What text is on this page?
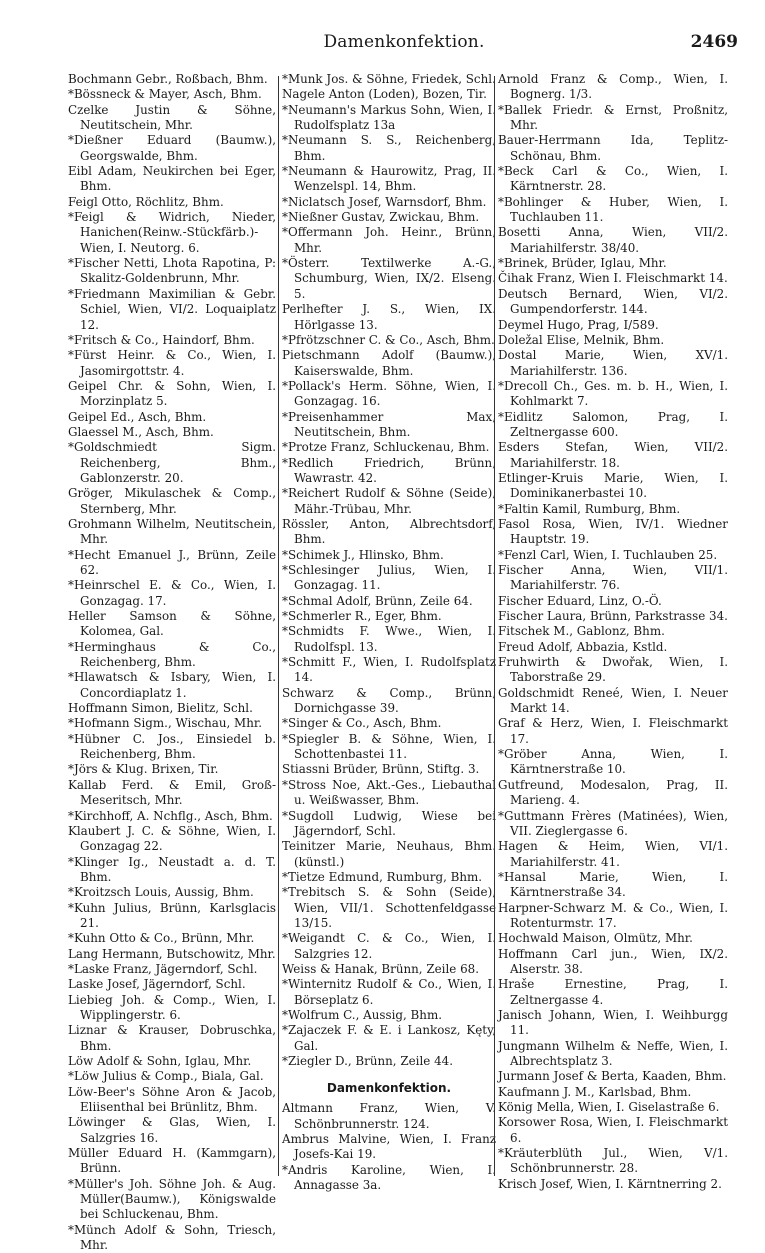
Damenkonfektion.	2469

Bochmann Gebr., Roßbach, Bhm.

*Bössneck & Mayer, Asch, Bhm.

Czelke Justin & Söhne, Neutitschein, Mhr.

*Dießner Eduard (Baumw.), Georgswalde, Bhm.

Eibl Adam, Neukirchen bei Eger, Bhm.

Feigl Otto, Röchlitz, Bhm.

*Feigl & Widrich, Nieder, Hanichen(Reinw.-Stückfärb.)-Wien, I. Neutorg. 6.

*Fischer Netti, Lhota Rapotina, P: Skalitz-Goldenbrunn, Mhr.

*Friedmann Maximilian & Gebr. Schiel, Wien, VI/2. Loquaiplatz 12.

*Fritsch & Co., Haindorf, Bhm.

*Fürst Heinr. & Co., Wien, I. Jasomirgottstr. 4.

Geipel Chr. & Sohn, Wien, I. Morzinplatz 5.

Geipel Ed., Asch, Bhm.

Glaessel M., Asch, Bhm.

*Goldschmiedt Sigm. Reichenberg, Bhm., Gablonzerstr. 20.

Gröger, Mikulaschek & Comp., Sternberg, Mhr.

Grohmann Wilhelm, Neutitschein, Mhr.

*Hecht Emanuel J., Brünn, Zeile 62.

*Heinrschel E. & Co., Wien, I. Gonzagag. 17.

Heller Samson & Söhne, Kolomea, Gal.

*Herminghaus & Co., Reichenberg, Bhm.

*Hlawatsch & Isbary, Wien, I. Concordiaplatz 1.

Hoffmann Simon, Bielitz, Schl.

*Hofmann Sigm., Wischau, Mhr.

*Hübner C. Jos., Einsiedel b. Reichenberg, Bhm.

*Jörs & Klug. Brixen, Tir.

Kallab Ferd. & Emil, Groß-Meseritsch, Mhr.

*Kirchhoff, A. Nchflg., Asch, Bhm.

Klaubert J. C. & Söhne, Wien, I. Gonzagag 22.

*Klinger Ig., Neustadt a. d. T. Bhm.

*Kroitzsch Louis, Aussig, Bhm.

*Kuhn Julius, Brünn, Karlsglacis 21.

*Kuhn Otto & Co., Brünn, Mhr.

Lang Hermann, Butschowitz, Mhr.

*Laske Franz, Jägerndorf, Schl.

Laske Josef, Jägerndorf, Schl.

Liebieg Joh. & Comp., Wien, I. Wipplingerstr. 6.

Liznar & Krauser, Dobruschka, Bhm.

Löw Adolf & Sohn, Iglau, Mhr.

*Löw Julius & Comp., Biala, Gal.

Löw-Beer's Söhne Aron & Jacob, Eliisenthal bei Brünlitz, Bhm.

Löwinger & Glas, Wien, I. Salzgries 16.

Müller Eduard H. (Kammgarn), Brünn.

*Müller's Joh. Söhne Joh. & Aug. Müller(Baumw.), Königswalde bei Schluckenau, Bhm.

*Münch Adolf & Sohn, Triesch, Mhr.

*Munk Jos. & Söhne, Friedek, Schl.

Nagele Anton (Loden), Bozen, Tir.

*Neumann's Markus Sohn, Wien, I. Rudolfsplatz 13a

*Neumann S. S., Reichenberg, Bhm.

*Neumann & Haurowitz, Prag, II. Wenzelspl. 14, Bhm.

*Niclatsch Josef, Warnsdorf, Bhm.

*Nießner Gustav, Zwickau, Bhm.

*Offermann Joh. Heinr., Brünn, Mhr.

*Österr. Textilwerke A.-G., Schumburg, Wien, IX/2. Elseng. 5.

Perlhefter J. S., Wien, IX. Hörlgasse 13.

*Pfrötzschner C. & Co., Asch, Bhm.

Pietschmann Adolf (Baumw.), Kaiserswalde, Bhm.

*Pollack's Herm. Söhne, Wien, I. Gonzagag. 16.

*Preisenhammer Max, Neutitschein, Bhm.

*Protze Franz, Schluckenau, Bhm.

*Redlich Friedrich, Brünn, Wawrastr. 42.

*Reichert Rudolf & Söhne (Seide), Mähr.-Trübau, Mhr.

Rössler, Anton, Albrechtsdorf, Bhm.

*Schimek J., Hlinsko, Bhm.

*Schlesinger Julius, Wien, I. Gonzagag. 11.

*Schmal Adolf, Brünn, Zeile 64.

*Schmerler R., Eger, Bhm.

*Schmidts F. Wwe., Wien, I. Rudolfspl. 13.

*Schmitt F., Wien, I. Rudolfsplatz 14.

Schwarz & Comp., Brünn, Dornichgasse 39.

*Singer & Co., Asch, Bhm.

*Spiegler B. & Söhne, Wien, I. Schottenbastei 11.

Stiassni Brüder, Brünn, Stiftg. 3.

*Stross Noe, Akt.-Ges., Liebauthal u. Weißwasser, Bhm.

*Sugdoll Ludwig, Wiese bei Jägerndorf, Schl.

Teinitzer Marie, Neuhaus, Bhm. (künstl.)

*Tietze Edmund, Rumburg, Bhm.

*Trebitsch S. & Sohn (Seide), Wien, VII/1. Schottenfeldgasse 13/15.

*Weigandt C. & Co., Wien, I. Salzgries 12.

Weiss & Hanak, Brünn, Zeile 68.

*Winternitz Rudolf & Co., Wien, I. Börseplatz 6.

*Wolfrum C., Aussig, Bhm.

*Zajaczek F. & E. i Lankosz, Kęty, Gal.

*Ziegler D., Brünn, Zeile 44.

Damenkonfektion.

Altmann Franz, Wien, V. Schönbrunnerstr. 124.

Ambrus Malvine, Wien, I. Franz Josefs-Kai 19.

*Andris Karoline, Wien, I. Annagasse 3a.

Arnold Franz & Comp., Wien, I. Bognerg. 1/3.

*Ballek Friedr. & Ernst, Proßnitz, Mhr.

Bauer-Herrmann Ida, Teplitz-Schönau, Bhm.

*Beck Carl & Co., Wien, I. Kärntnerstr. 28.

*Bohlinger & Huber, Wien, I. Tuchlauben 11.

Bosetti Anna, Wien, VII/2. Mariahilferstr. 38/40.

*Brinek, Brüder, Iglau, Mhr.

Čihak Franz, Wien I. Fleischmarkt 14.

Deutsch Bernard, Wien, VI/2. Gumpendorferstr. 144.

Deymel Hugo, Prag, I/589.

Doležal Elise, Melnik, Bhm.

Dostal Marie, Wien, XV/1. Mariahilferstr. 136.

*Drecoll Ch., Ges. m. b. H., Wien, I. Kohlmarkt 7.

*Eidlitz Salomon, Prag, I. Zeltnergasse 600.

Esders Stefan, Wien, VII/2. Mariahilferstr. 18.

Etlinger-Kruis Marie, Wien, I. Dominikanerbastei 10.

*Faltin Kamil, Rumburg, Bhm.

Fasol Rosa, Wien, IV/1. Wiedner Hauptstr. 19.

*Fenzl Carl, Wien, I. Tuchlauben 25.

Fischer Anna, Wien, VII/1. Mariahilferstr. 76.

Fischer Eduard, Linz, O.-Ö.

Fischer Laura, Brünn, Parkstrasse 34.

Fitschek M., Gablonz, Bhm.

Freud Adolf, Abbazia, Kstld.

Fruhwirth & Dwořak, Wien, I. Taborstraße 29.

Goldschmidt Reneé, Wien, I. Neuer Markt 14.

Graf & Herz, Wien, I. Fleischmarkt 17.

*Gröber Anna, Wien, I. Kärntnerstraße 10.

Gutfreund, Modesalon, Prag, II. Marieng. 4.

*Guttmann Frères (Matinées), Wien, VII. Zieglergasse 6.

Hagen & Heim, Wien, VI/1. Mariahilferstr. 41.

*Hansal Marie, Wien, I. Kärntnerstraße 34.

Harpner-Schwarz M. & Co., Wien, I. Rotenturmstr. 17.

Hochwald Maison, Olmütz, Mhr.

Hoffmann Carl jun., Wien, IX/2. Alserstr. 38.

Hraše Ernestine, Prag, I. Zeltnergasse 4.

Janisch Johann, Wien, I. Weihburgg 11.

Jungmann Wilhelm & Neffe, Wien, I. Albrechtsplatz 3.

Jurmann Josef & Berta, Kaaden, Bhm.

Kaufmann J. M., Karlsbad, Bhm.

König Mella, Wien, I. Giselastraße 6.

Korsower Rosa, Wien, I. Fleischmarkt 6.

*Kräuterblüth Jul., Wien, V/1. Schönbrunnerstr. 28.

Krisch Josef, Wien, I. Kärntnerring 2.
